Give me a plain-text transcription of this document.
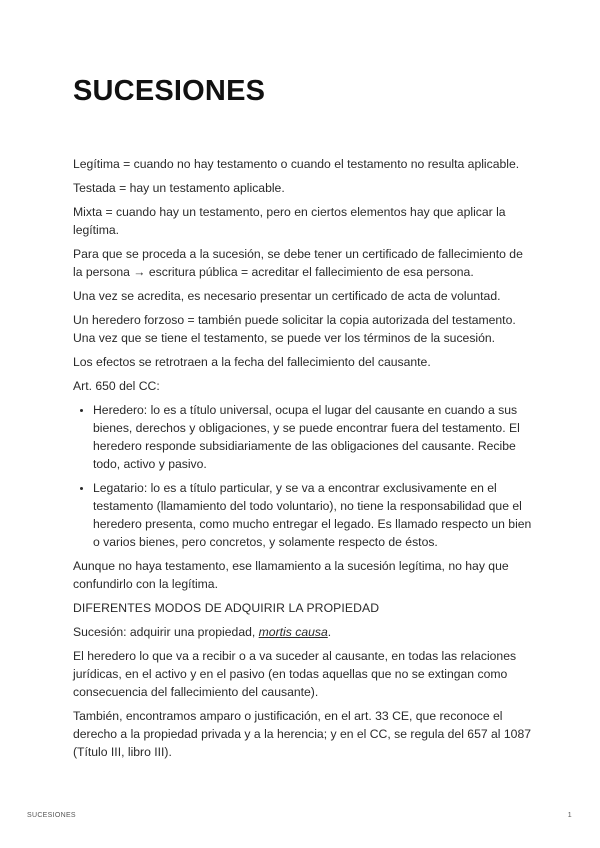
SUCESIONES

Legítima = cuando no hay testamento o cuando el testamento no resulta aplicable.

Testada = hay un testamento aplicable.

Mixta = cuando hay un testamento, pero en ciertos elementos hay que aplicar la legítima.

Para que se proceda a la sucesión, se debe tener un certificado de fallecimiento de la persona → escritura pública = acreditar el fallecimiento de esa persona.

Una vez se acredita, es necesario presentar un certificado de acta de voluntad.

Un heredero forzoso = también puede solicitar la copia autorizada del testamento. Una vez que se tiene el testamento, se puede ver los términos de la sucesión.

Los efectos se retrotraen a la fecha del fallecimiento del causante.

Art. 650 del CC:

• Heredero: lo es a título universal, ocupa el lugar del causante en cuando a sus bienes, derechos y obligaciones, y se puede encontrar fuera del testamento. El heredero responde subsidiariamente de las obligaciones del causante. Recibe todo, activo y pasivo.
• Legatario: lo es a título particular, y se va a encontrar exclusivamente en el testamento (llamamiento del todo voluntario), no tiene la responsabilidad que el heredero presenta, como mucho entregar el legado. Es llamado respecto un bien o varios bienes, pero concretos, y solamente respecto de éstos.

Aunque no haya testamento, ese llamamiento a la sucesión legítima, no hay que confundirlo con la legítima.

DIFERENTES MODOS DE ADQUIRIR LA PROPIEDAD

Sucesión: adquirir una propiedad, mortis causa.

El heredero lo que va a recibir o a va suceder al causante, en todas las relaciones jurídicas, en el activo y en el pasivo (en todas aquellas que no se extingan como consecuencia del fallecimiento del causante).

También, encontramos amparo o justificación, en el art. 33 CE, que reconoce el derecho a la propiedad privada y a la herencia; y en el CC, se regula del 657 al 1087 (Título III, libro III).

SUCESIONES	1
